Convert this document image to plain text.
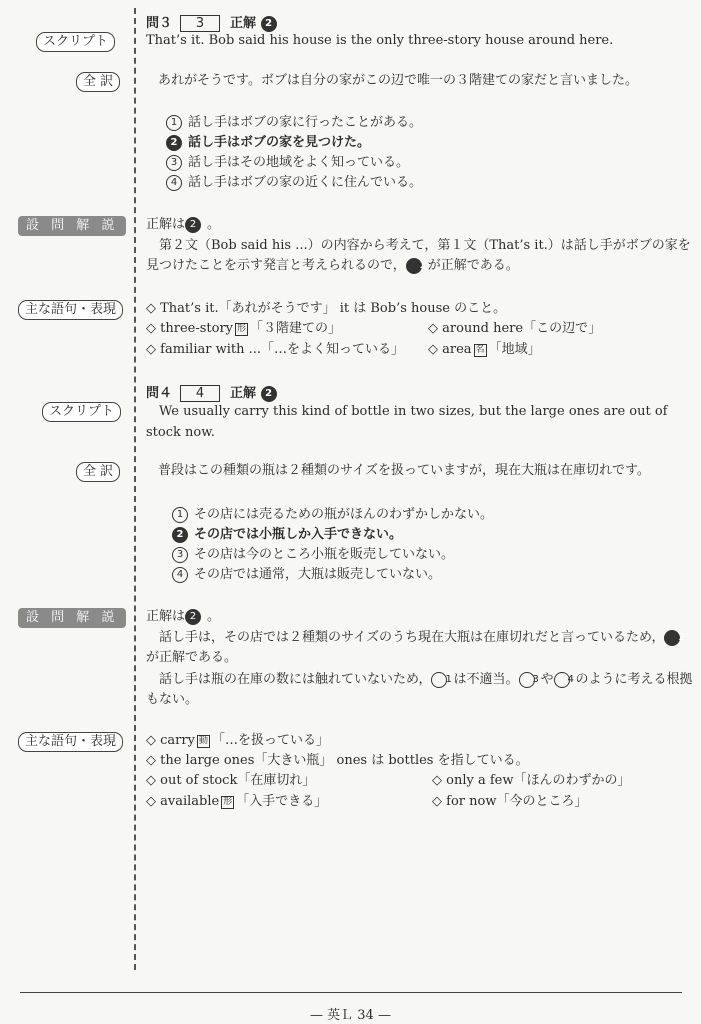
問３ 3 正解 2
スクリプト	That’s it. Bob said his house is the only three-story house around here.
全 訳	あれがそうです。ボブは自分の家がこの辺で唯一の３階建ての家だと言いました。
1 話し手はボブの家に行ったことがある。
2 話し手はボブの家を見つけた。
3 話し手はその地域をよく知っている。
4 話し手はボブの家の近くに住んでいる。
設 問 解 説	正解は 2 。
第２文（Bob said his ...）の内容から考えて，第１文（That’s it.）は話し手がボブの家を見つけたことを示す発言と考えられるので， 2 が正解である。
主な語句・表現	◇ That’s it.「あれがそうです」 it は Bob’s house のこと。
◇ three-story 形 「３階建ての」	◇ around here「この辺で」
◇ familiar with ...「…をよく知っている」 ◇ area 名 「地域」
問４ 4 正解 2
スクリプト	We usually carry this kind of bottle in two sizes, but the large ones are out of stock now.
全 訳	普段はこの種類の瓶は２種類のサイズを扱っていますが，現在大瓶は在庫切れです。
1 その店には売るための瓶がほんのわずかしかない。
2 その店では小瓶しか入手できない。
3 その店は今のところ小瓶を販売していない。
4 その店では通常，大瓶は販売していない。
設 問 解 説	正解は 2 。
話し手は，その店では２種類のサイズのうち現在大瓶は在庫切れだと言っているため， 2が正解である。
話し手は瓶の在庫の数には触れていないため， 1 は不適当。 3 や 4 のように考える根拠もない。
主な語句・表現	◇ carry 動 「…を扱っている」
◇ the large ones「大きい瓶」 ones は bottles を指している。
◇ out of stock「在庫切れ」	◇ only a few「ほんのわずかの」
◇ available 形 「入手できる」	◇ for now「今のところ」
— 英Ｌ 34 —
